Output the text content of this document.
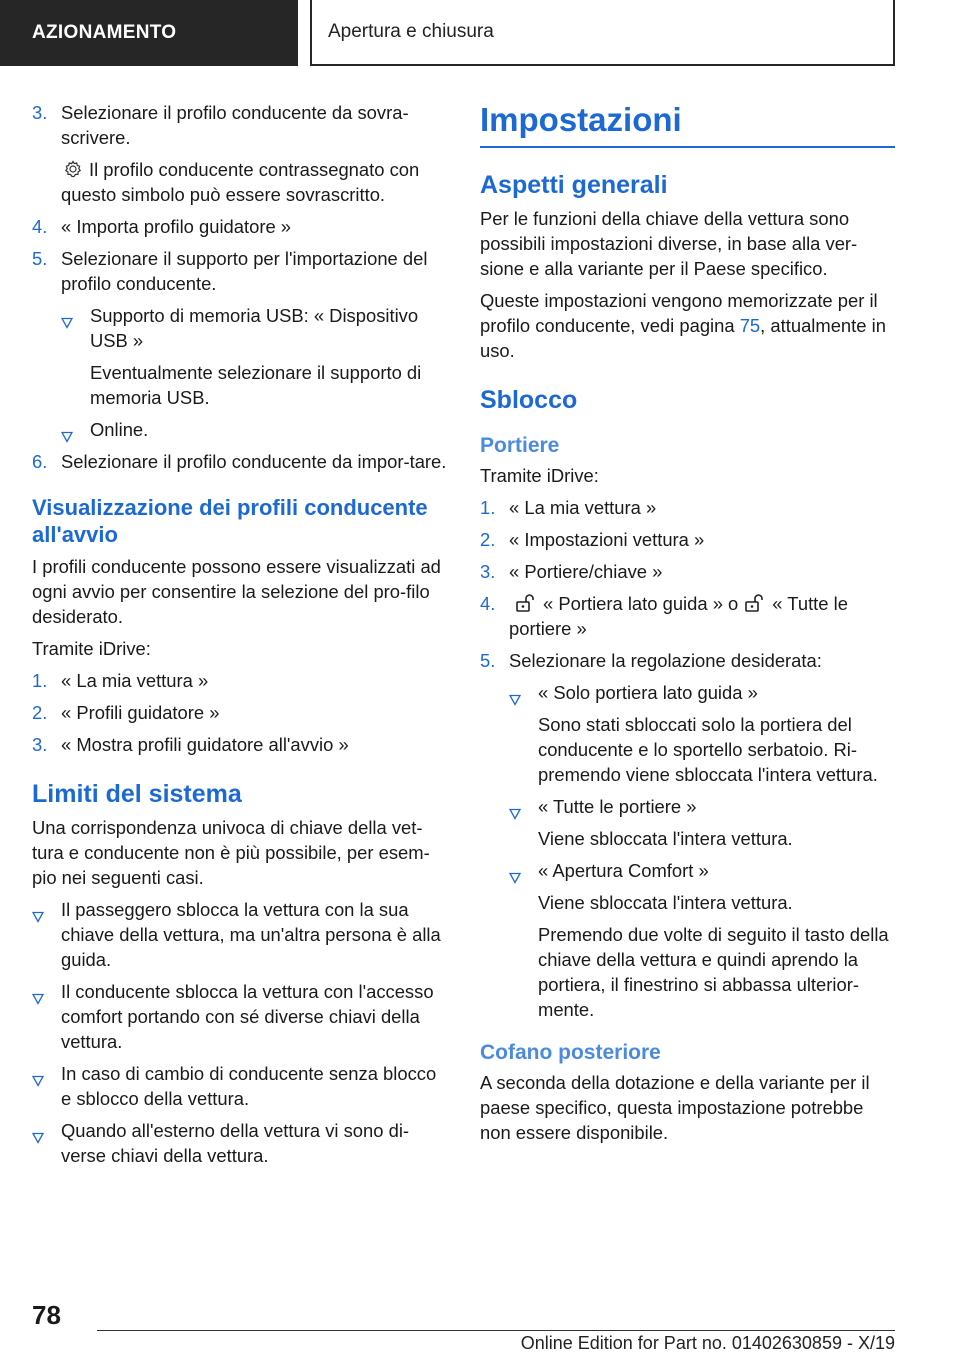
AZIONAMENTO	Apertura e chiusura
3. Selezionare il profilo conducente da sovra-scrivere.

Il profilo conducente contrassegnato con questo simbolo può essere sovrascritto.

4. « Importa profilo guidatore »
5. Selezionare il supporto per l'importazione del profilo conducente.
Supporto di memoria USB: « Dispositivo USB »

Eventualmente selezionare il supporto di memoria USB.

Online.
6. Selezionare il profilo conducente da impor-tare.
Visualizzazione dei profili conducente all'avvio

I profili conducente possono essere visualizzati ad ogni avvio per consentire la selezione del pro-filo desiderato.

Tramite iDrive:

1. « La mia vettura »
2. « Profili guidatore »
3. « Mostra profili guidatore all'avvio »
Limiti del sistema

Una corrispondenza univoca di chiave della vet-tura e conducente non è più possibile, per esem-pio nei seguenti casi.

Il passeggero sblocca la vettura con la sua chiave della vettura, ma un'altra persona è alla guida.
Il conducente sblocca la vettura con l'accesso comfort portando con sé diverse chiavi della vettura.
In caso di cambio di conducente senza blocco e sblocco della vettura.
Quando all'esterno della vettura vi sono di-verse chiavi della vettura.
Impostazioni
Aspetti generali

Per le funzioni della chiave della vettura sono possibili impostazioni diverse, in base alla ver-sione e alla variante per il Paese specifico.

Queste impostazioni vengono memorizzate per il profilo conducente, vedi pagina 75, attualmente in uso.

Sblocco
Portiere

Tramite iDrive:

1. « La mia vettura »
2. « Impostazioni vettura »
3. « Portiere/chiave »
4.	« Portiera lato guida » o « Tutte le portiere »
5. Selezionare la regolazione desiderata:
« Solo portiera lato guida »

Sono stati sbloccati solo la portiera del conducente e lo sportello serbatoio. Ri-premendo viene sbloccata l'intera vettura.

« Tutte le portiere »

Viene sbloccata l'intera vettura.

« Apertura Comfort »

Viene sbloccata l'intera vettura.

Premendo due volte di seguito il tasto della chiave della vettura e quindi aprendo la portiera, il finestrino si abbassa ulterior-mente.

Cofano posteriore

A seconda della dotazione e della variante per il paese specifico, questa impostazione potrebbe non essere disponibile.

78
Online Edition for Part no. 01402630859 - X/19
